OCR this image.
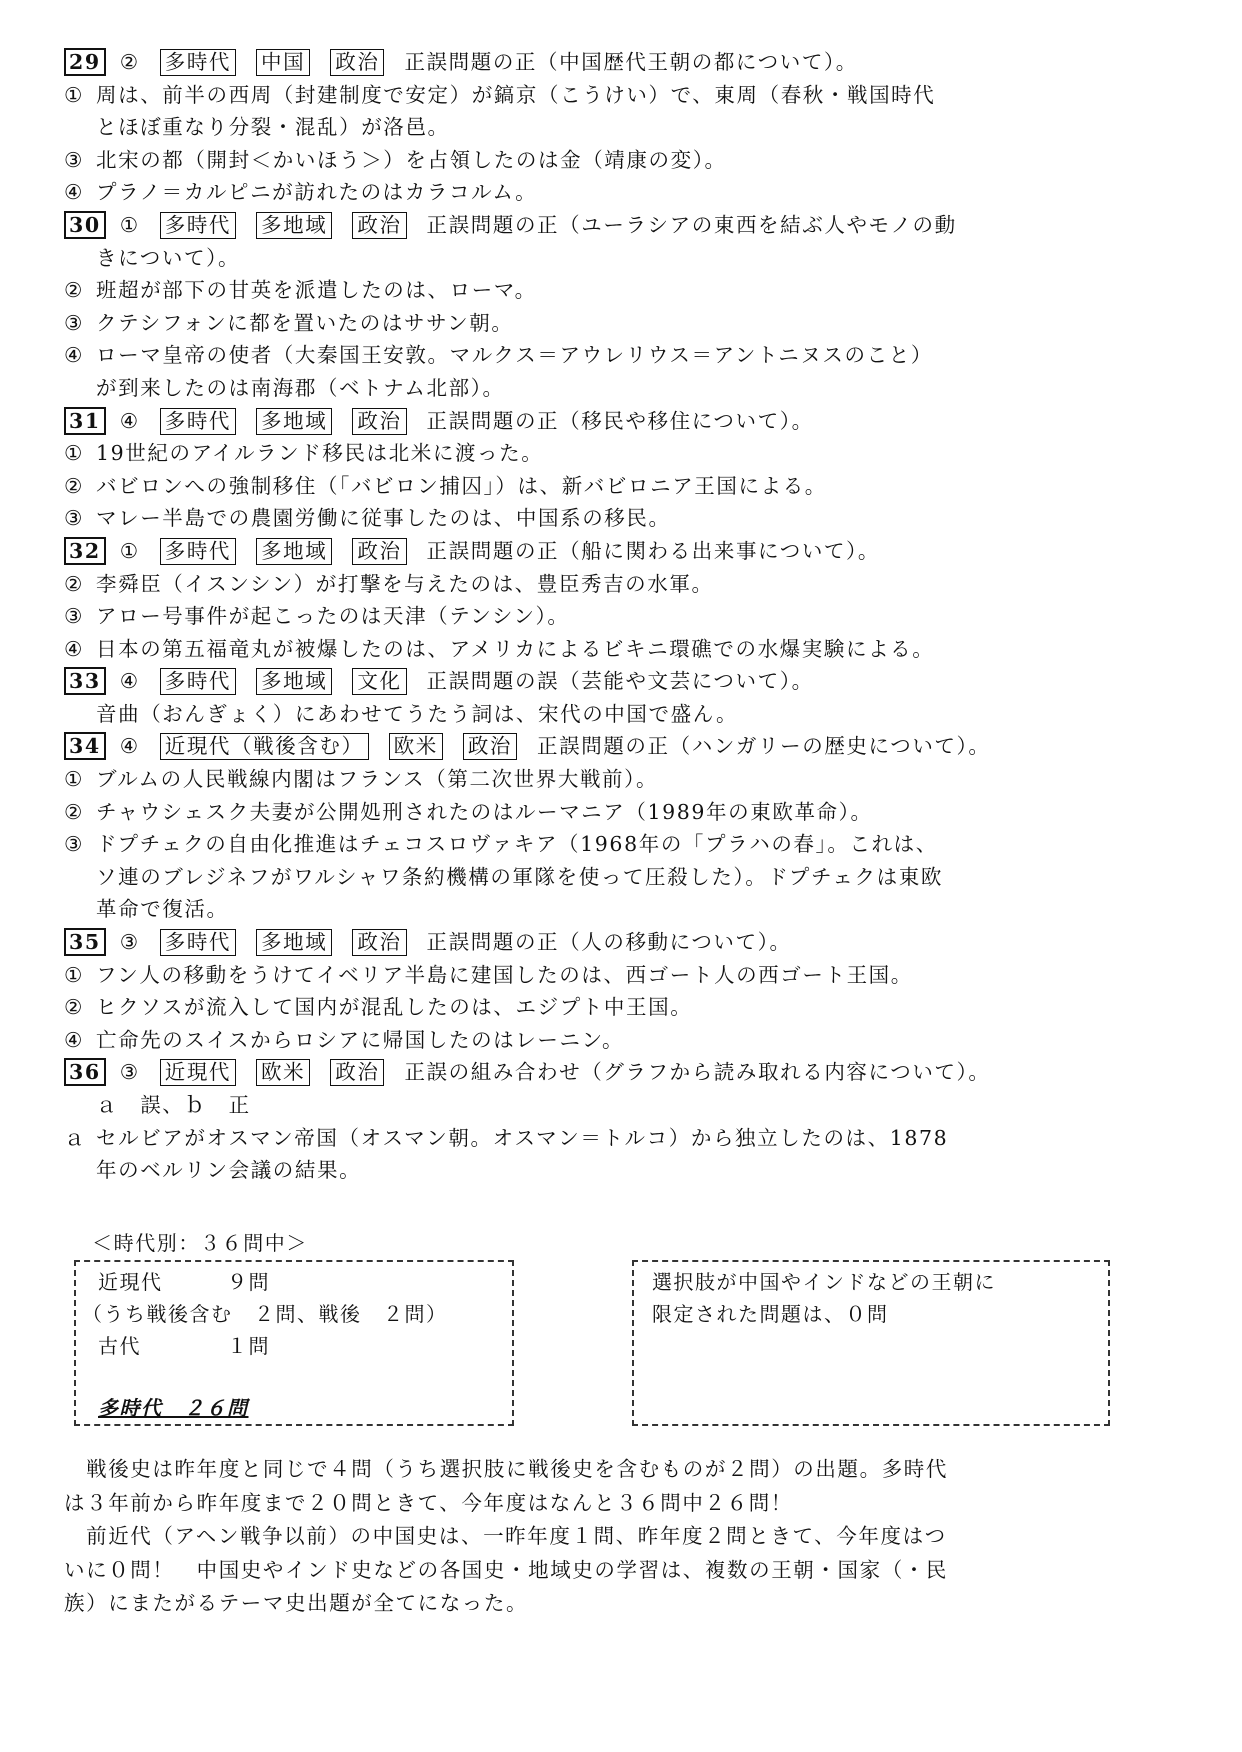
29 ② 多時代 中国 政治 正誤問題の正（中国歴代王朝の都について）。
① 周は、前半の西周（封建制度で安定）が鎬京（こうけい）で、東周（春秋・戦国時代
とほぼ重なり分裂・混乱）が洛邑。
③ 北宋の都（開封＜かいほう＞）を占領したのは金（靖康の変）。
④ プラノ＝カルピニが訪れたのはカラコルム。
30 ① 多時代 多地域 政治 正誤問題の正（ユーラシアの東西を結ぶ人やモノの動
きについて）。
② 班超が部下の甘英を派遣したのは、ローマ。
③ クテシフォンに都を置いたのはササン朝。
④ ローマ皇帝の使者（大秦国王安敦。マルクス＝アウレリウス＝アントニヌスのこと）
が到来したのは南海郡（ベトナム北部）。
31 ④ 多時代 多地域 政治 正誤問題の正（移民や移住について）。
① 19世紀のアイルランド移民は北米に渡った。
② バビロンへの強制移住（「バビロン捕囚」）は、新バビロニア王国による。
③ マレー半島での農園労働に従事したのは、中国系の移民。
32 ① 多時代 多地域 政治 正誤問題の正（船に関わる出来事について）。
② 李舜臣（イスンシン）が打撃を与えたのは、豊臣秀吉の水軍。
③ アロー号事件が起こったのは天津（テンシン）。
④ 日本の第五福竜丸が被爆したのは、アメリカによるビキニ環礁での水爆実験による。
33 ④ 多時代 多地域 文化 正誤問題の誤（芸能や文芸について）。
音曲（おんぎょく）にあわせてうたう詞は、宋代の中国で盛ん。
34 ④ 近現代（戦後含む） 欧米 政治 正誤問題の正（ハンガリーの歴史について）。
① ブルムの人民戦線内閣はフランス（第二次世界大戦前）。
② チャウシェスク夫妻が公開処刑されたのはルーマニア（1989年の東欧革命）。
③ ドプチェクの自由化推進はチェコスロヴァキア（1968年の「プラハの春」。これは、
ソ連のブレジネフがワルシャワ条約機構の軍隊を使って圧殺した）。ドプチェクは東欧
革命で復活。
35 ③ 多時代 多地域 政治 正誤問題の正（人の移動について）。
① フン人の移動をうけてイベリア半島に建国したのは、西ゴート人の西ゴート王国。
② ヒクソスが流入して国内が混乱したのは、エジプト中王国。
④ 亡命先のスイスからロシアに帰国したのはレーニン。
36 ③ 近現代 欧米 政治 正誤の組み合わせ（グラフから読み取れる内容について）。
ａ　誤、ｂ　正
ａ セルビアがオスマン帝国（オスマン朝。オスマン＝トルコ）から独立したのは、1878
年のベルリン会議の結果。
＜時代別：３６問中＞
近現代　　　９問
（うち戦後含む　２問、戦後　２問）
古代　　　　１問
多時代　２６問
選択肢が中国やインドなどの王朝に
限定された問題は、０問
　戦後史は昨年度と同じで４問（うち選択肢に戦後史を含むものが２問）の出題。多時代
は３年前から昨年度まで２０問ときて、今年度はなんと３６問中２６問！
　前近代（アヘン戦争以前）の中国史は、一昨年度１問、昨年度２問ときて、今年度はつ
いに０問！　中国史やインド史などの各国史・地域史の学習は、複数の王朝・国家（・民
族）にまたがるテーマ史出題が全てになった。
